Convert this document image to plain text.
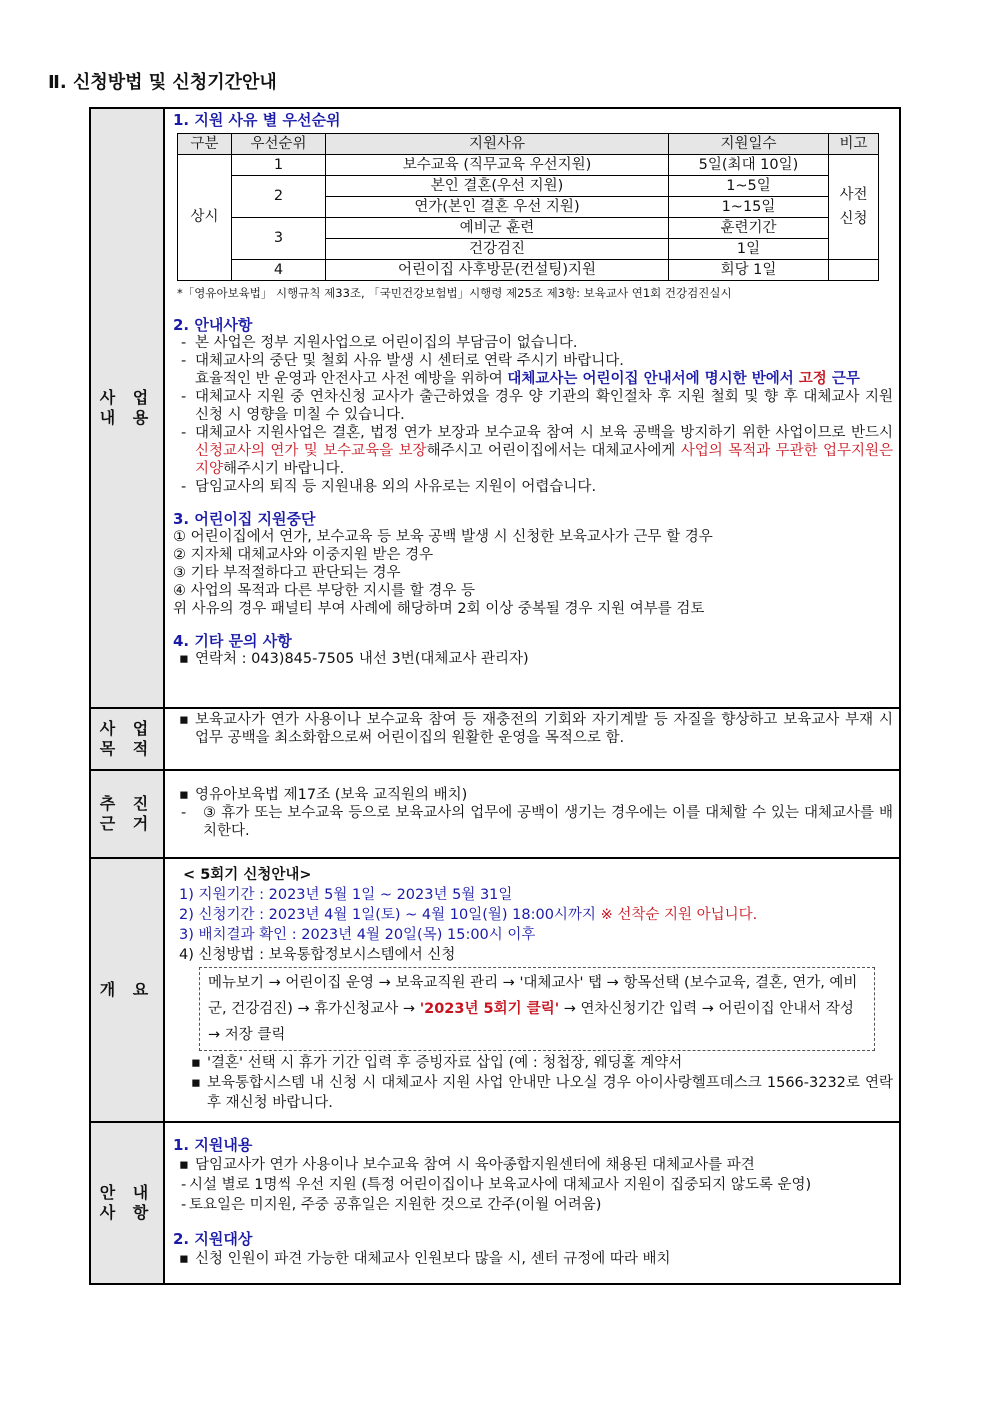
Ⅱ. 신청방법 및 신청기간안내
사 업
내 용	
1. 지원 사유 별 우선순위
구분	우선순위	지원사유	지원일수	비고
상시	1	보수교육 (직무교육 우선지원)	5일(최대 10일)	사전
신청
2	본인 결혼(우선 지원)	1~5일
연가(본인 결혼 우선 지원)	1~15일
3	예비군 훈련	훈련기간
건강검진	1일
4	어린이집 사후방문(컨설팅)지원	회당 1일	
*「영유아보육법」 시행규칙 제33조, 「국민건강보험법」시행령 제25조 제3항: 보육교사 연1회 건강검진실시
2. 안내사항
- 본 사업은 정부 지원사업으로 어린이집의 부담금이 없습니다.
- 대체교사의 중단 및 철회 사유 발생 시 센터로 연락 주시기 바랍니다.
효율적인 반 운영과 안전사고 사전 예방을 위하여 대체교사는 어린이집 안내서에 명시한 반에서 고정 근무
- 대체교사 지원 중 연차신청 교사가 출근하였을 경우 양 기관의 확인절차 후 지원 철회 및 향 후 대체교사 지원 신청 시 영향을 미칠 수 있습니다.
- 대체교사 지원사업은 결혼, 법정 연가 보장과 보수교육 참여 시 보육 공백을 방지하기 위한 사업이므로 반드시 신청교사의 연가 및 보수교육을 보장해주시고 어린이집에서는 대체교사에게 사업의 목적과 무관한 업무지원은 지양해주시기 바랍니다.
- 담임교사의 퇴직 등 지원내용 외의 사유로는 지원이 어렵습니다.
3. 어린이집 지원중단
① 어린이집에서 연가, 보수교육 등 보육 공백 발생 시 신청한 보육교사가 근무 할 경우
② 지자체 대체교사와 이중지원 받은 경우
③ 기타 부적절하다고 판단되는 경우
④ 사업의 목적과 다른 부당한 지시를 할 경우 등
위 사유의 경우 패널티 부여 사례에 해당하며 2회 이상 중복될 경우 지원 여부를 검토
4. 기타 문의 사항
▪ 연락처 : 043)845-7505 내선 3번(대체교사 관리자)

사 업
목 적	
▪ 보육교사가 연가 사용이나 보수교육 참여 등 재충전의 기회와 자기계발 등 자질을 향상하고 보육교사 부재 시 업무 공백을 최소화함으로써 어린이집의 원활한 운영을 목적으로 함.

추 진
근 거	
▪ 영유아보육법 제17조 (보육 교직원의 배치)
- ③ 휴가 또는 보수교육 등으로 보육교사의 업무에 공백이 생기는 경우에는 이를 대체할 수 있는 대체교사를 배치한다.

개 요	
< 5회기 신청안내>
1) 지원기간 : 2023년 5월 1일 ~ 2023년 5월 31일
2) 신청기간 : 2023년 4월 1일(토) ~ 4월 10일(월) 18:00시까지 ※ 선착순 지원 아닙니다.
3) 배치결과 확인 : 2023년 4월 20일(목) 15:00시 이후
4) 신청방법 : 보육통합정보시스템에서 신청
메뉴보기 → 어린이집 운영 → 보육교직원 관리 → '대체교사' 탭 → 항목선택 (보수교육, 결혼, 연가, 예비군, 건강검진) → 휴가신청교사 → '2023년 5회기 클릭' → 연차신청기간 입력 → 어린이집 안내서 작성 → 저장 클릭
▪ '결혼' 선택 시 휴가 기간 입력 후 증빙자료 삽입 (예 : 청첩장, 웨딩홀 계약서
▪ 보육통합시스템 내 신청 시 대체교사 지원 사업 안내만 나오실 경우 아이사랑헬프데스크 1566-3232로 연락 후 재신청 바랍니다.

안 내
사 항	
1. 지원내용
▪ 담임교사가 연가 사용이나 보수교육 참여 시 육아종합지원센터에 채용된 대체교사를 파견
- 시설 별로 1명씩 우선 지원 (특정 어린이집이나 보육교사에 대체교사 지원이 집중되지 않도록 운영)
- 토요일은 미지원, 주중 공휴일은 지원한 것으로 간주(이월 어려움)
2. 지원대상
▪ 신청 인원이 파견 가능한 대체교사 인원보다 많을 시, 센터 규정에 따라 배치
